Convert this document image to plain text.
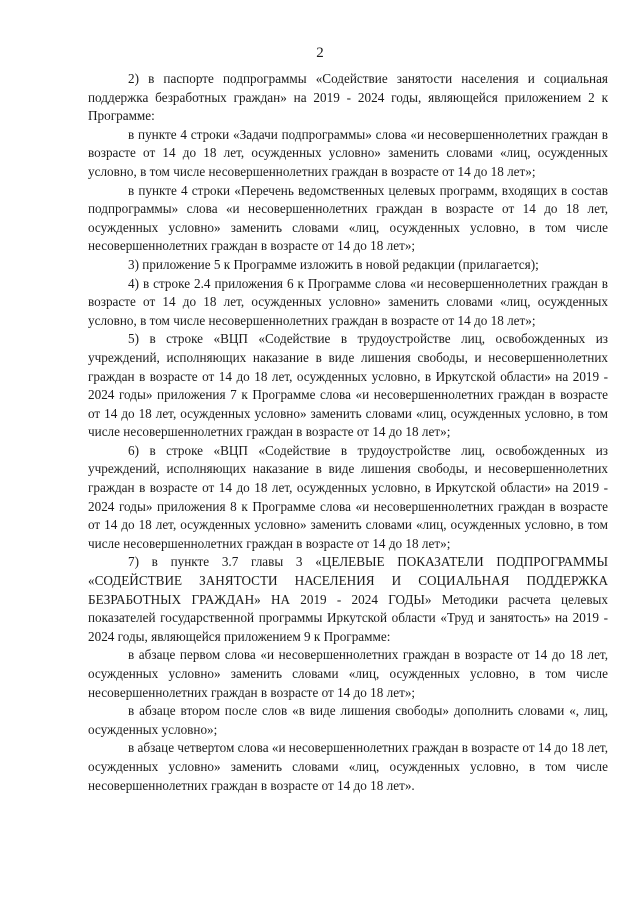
2

2) в паспорте подпрограммы «Содействие занятости населения и социальная поддержка безработных граждан» на 2019 - 2024 годы, являющейся приложением 2 к Программе:

в пункте 4 строки «Задачи подпрограммы» слова «и несовершеннолетних граждан в возрасте от 14 до 18 лет, осужденных условно» заменить словами «лиц, осужденных условно, в том числе несовершеннолетних граждан в возрасте от 14 до 18 лет»;

в пункте 4 строки «Перечень ведомственных целевых программ, входящих в состав подпрограммы» слова «и несовершеннолетних граждан в возрасте от 14 до 18 лет, осужденных условно» заменить словами «лиц, осужденных условно, в том числе несовершеннолетних граждан в возрасте от 14 до 18 лет»;

3) приложение 5 к Программе изложить в новой редакции (прилагается);

4) в строке 2.4 приложения 6 к Программе слова «и несовершеннолетних граждан в возрасте от 14 до 18 лет, осужденных условно» заменить словами «лиц, осужденных условно, в том числе несовершеннолетних граждан в возрасте от 14 до 18 лет»;

5) в строке «ВЦП «Содействие в трудоустройстве лиц, освобожденных из учреждений, исполняющих наказание в виде лишения свободы, и несовершеннолетних граждан в возрасте от 14 до 18 лет, осужденных условно, в Иркутской области» на 2019 - 2024 годы» приложения 7 к Программе слова «и несовершеннолетних граждан в возрасте от 14 до 18 лет, осужденных условно» заменить словами «лиц, осужденных условно, в том числе несовершеннолетних граждан в возрасте от 14 до 18 лет»;

6) в строке «ВЦП «Содействие в трудоустройстве лиц, освобожденных из учреждений, исполняющих наказание в виде лишения свободы, и несовершеннолетних граждан в возрасте от 14 до 18 лет, осужденных условно, в Иркутской области» на 2019 - 2024 годы» приложения 8 к Программе слова «и несовершеннолетних граждан в возрасте от 14 до 18 лет, осужденных условно» заменить словами «лиц, осужденных условно, в том числе несовершеннолетних граждан в возрасте от 14 до 18 лет»;

7) в пункте 3.7 главы 3 «ЦЕЛЕВЫЕ ПОКАЗАТЕЛИ ПОДПРОГРАММЫ «СОДЕЙСТВИЕ ЗАНЯТОСТИ НАСЕЛЕНИЯ И СОЦИАЛЬНАЯ ПОДДЕРЖКА БЕЗРАБОТНЫХ ГРАЖДАН» НА 2019 - 2024 ГОДЫ» Методики расчета целевых показателей государственной программы Иркутской области «Труд и занятость» на 2019 - 2024 годы, являющейся приложением 9 к Программе:

в абзаце первом слова «и несовершеннолетних граждан в возрасте от 14 до 18 лет, осужденных условно» заменить словами «лиц, осужденных условно, в том числе несовершеннолетних граждан в возрасте от 14 до 18 лет»;

в абзаце втором после слов «в виде лишения свободы» дополнить словами «, лиц, осужденных условно»;

в абзаце четвертом слова «и несовершеннолетних граждан в возрасте от 14 до 18 лет, осужденных условно» заменить словами «лиц, осужденных условно, в том числе несовершеннолетних граждан в возрасте от 14 до 18 лет».
